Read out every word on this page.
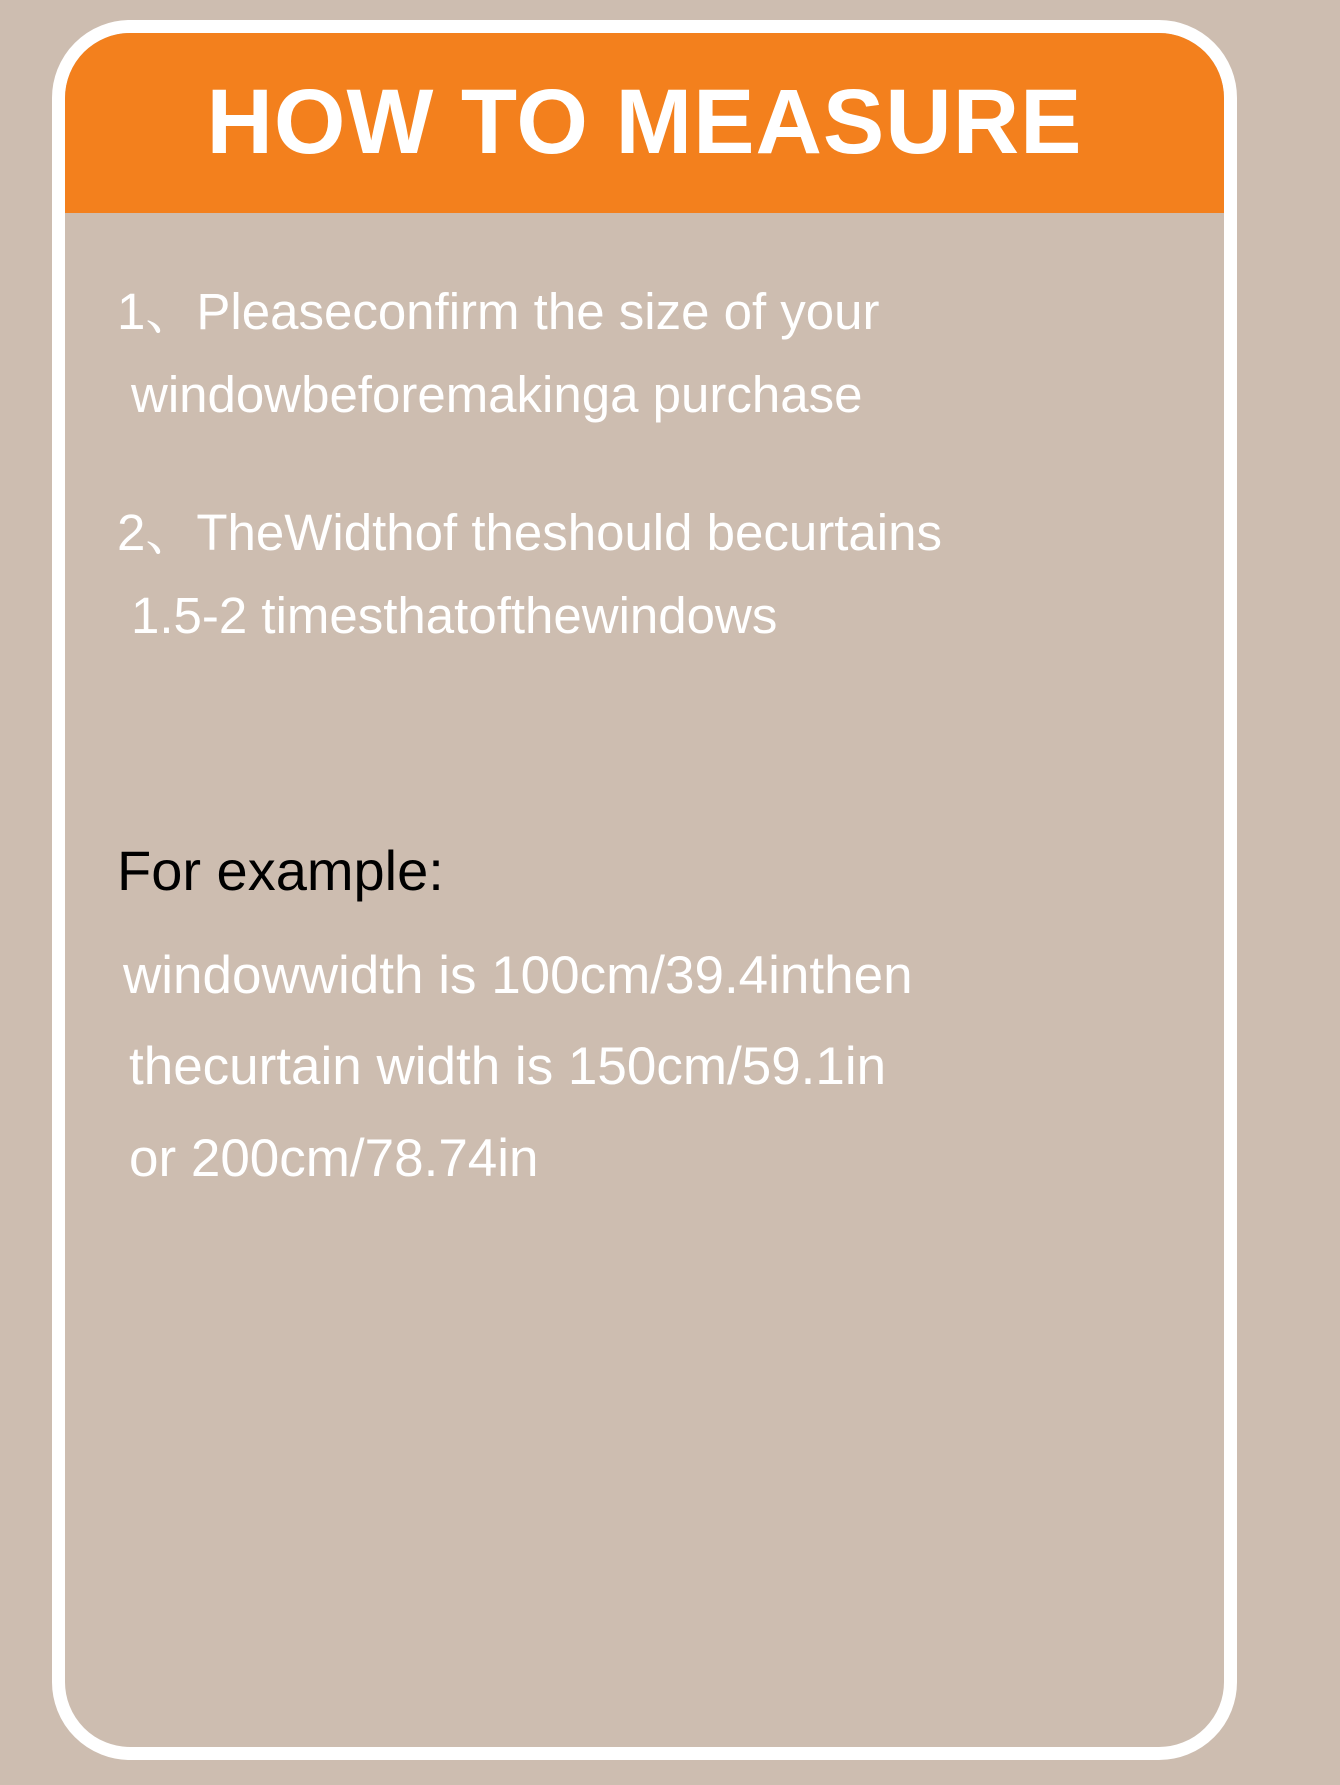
HOW TO MEASURE
1、Pleaseconfirm the size of your
windowbeforemakinga purchase
2、TheWidthof theshould becurtains
1.5-2 timesthatofthewindows
For example:
windowwidth is 100cm/39.4inthen
thecurtain width is 150cm/59.1in
or 200cm/78.74in
